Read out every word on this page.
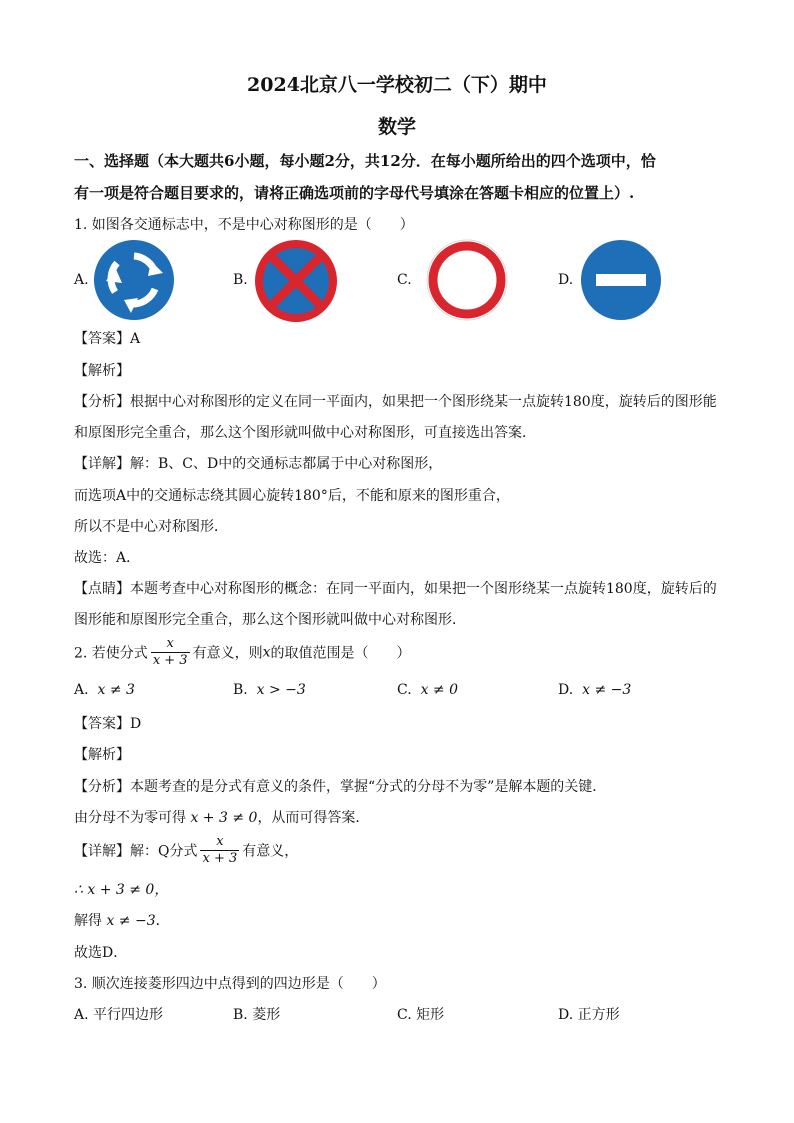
2024北京八一学校初二（下）期中
数学
一、选择题（本大题共6小题，每小题2分，共12分．在每小题所给出的四个选项中，恰
有一项是符合题目要求的，请将正确选项前的字母代号填涂在答题卡相应的位置上）.
1. 如图各交通标志中，不是中心对称图形的是（　　）
A.	B.	C.	D.
【答案】A
【解析】
【分析】根据中心对称图形的定义在同一平面内，如果把一个图形绕某一点旋转180度，旋转后的图形能
和原图形完全重合，那么这个图形就叫做中心对称图形，可直接选出答案．
【详解】解：B、C、D中的交通标志都属于中心对称图形，
而选项A中的交通标志绕其圆心旋转180°后，不能和原来的图形重合，
所以不是中心对称图形．
故选：A．
【点睛】本题考查中心对称图形的概念：在同一平面内，如果把一个图形绕某一点旋转180度，旋转后的
图形能和原图形完全重合，那么这个图形就叫做中心对称图形．
2. 若使分式 $\frac{x}{x + 3}$ 有意义，则x的取值范围是（　　）
A. x ≠ 3	B. x > −3	C. x ≠ 0	D. x ≠ −3
【答案】D
【解析】
【分析】本题考查的是分式有意义的条件，掌握“分式的分母不为零”是解本题的关键．
由分母不为零可得 x + 3 ≠ 0，从而可得答案．
【详解】解：Q分式 $\frac{x}{x + 3}$ 有意义，
∴ x + 3 ≠ 0，
解得 x ≠ −3．
故选D．
3. 顺次连接菱形四边中点得到的四边形是（　　）
A. 平行四边形	B. 菱形	C. 矩形	D. 正方形
